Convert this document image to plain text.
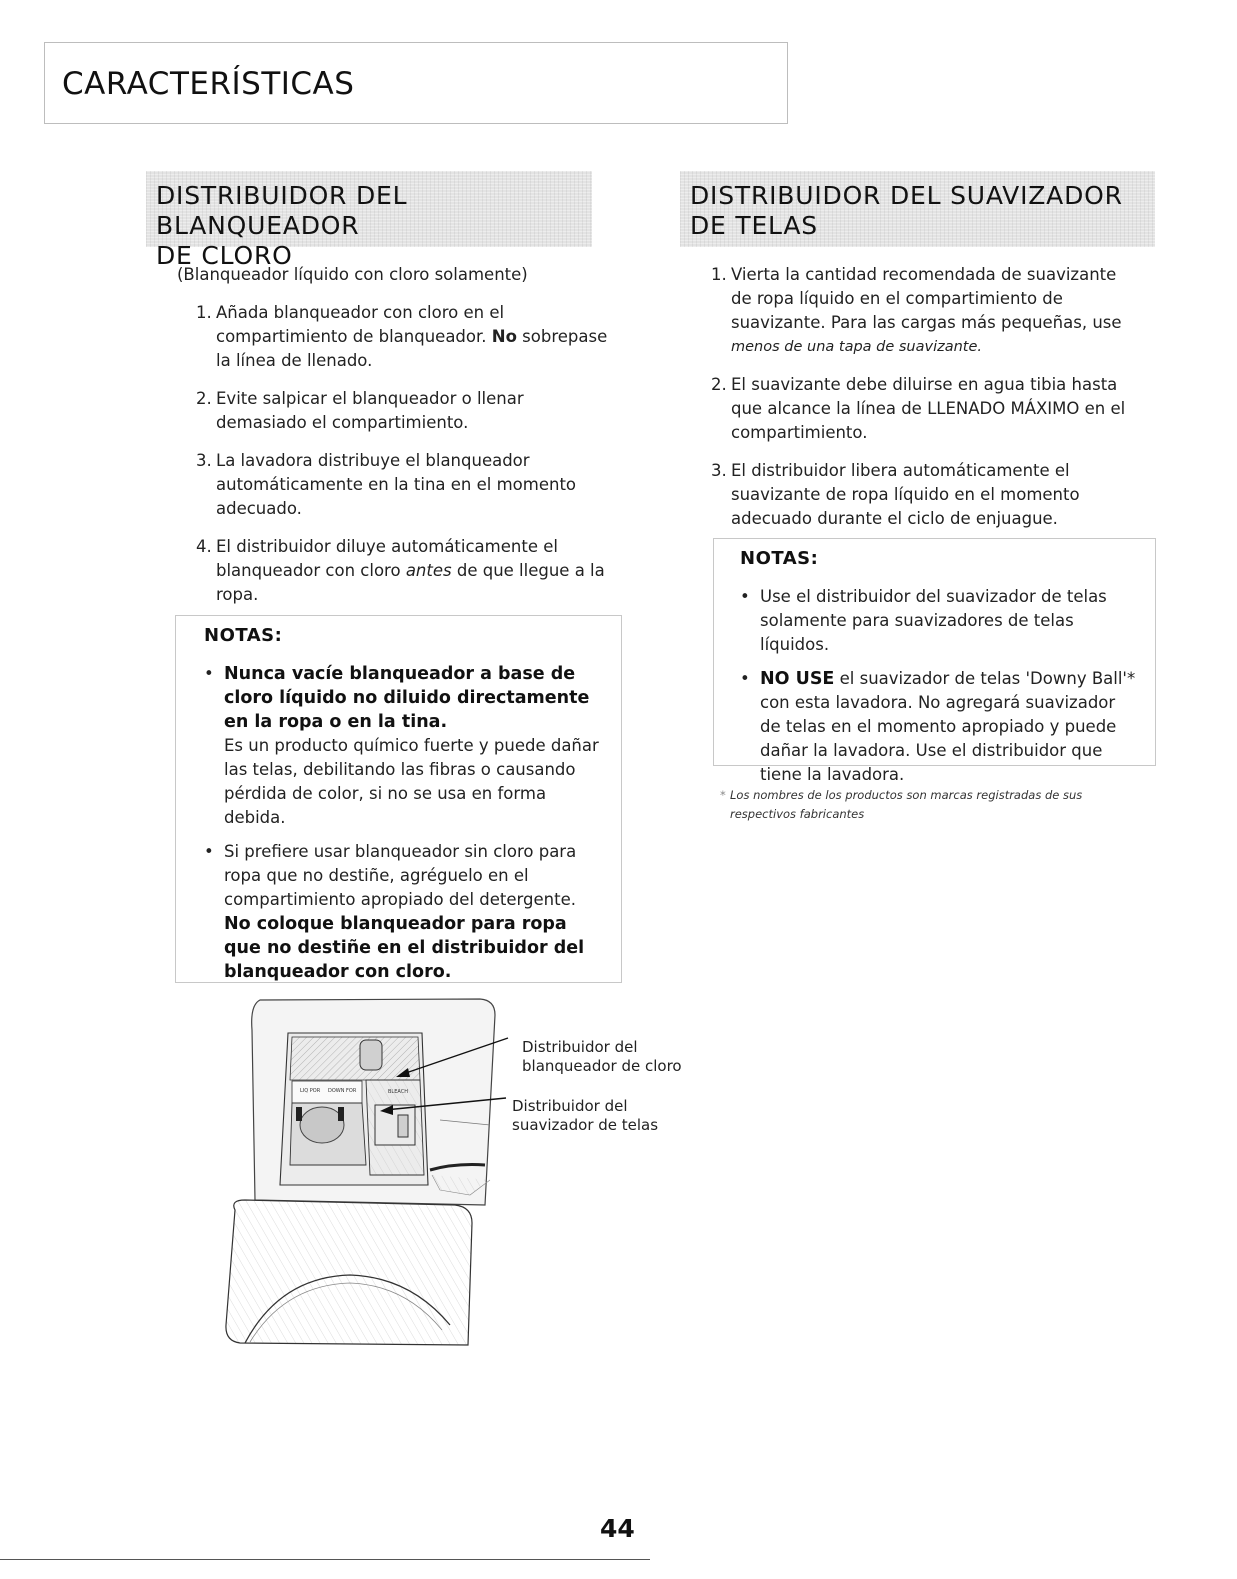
CARACTERÍSTICAS
DISTRIBUIDOR DEL BLANQUEADOR
DE CLORO
DISTRIBUIDOR DEL SUAVIZADOR
DE TELAS

(Blanqueador líquido con cloro solamente)

1. Añada blanqueador con cloro en el compartimiento de blanqueador. No sobrepase la línea de llenado.
2. Evite salpicar el blanqueador o llenar demasiado el compartimiento.
3. La lavadora distribuye el blanqueador automáticamente en la tina en el momento adecuado.
4. El distribuidor diluye automáticamente el blanqueador con cloro antes de que llegue a la ropa.
NOTAS:
• Nunca vacíe blanqueador a base de cloro líquido no diluido directamente en la ropa o en la tina.
Es un producto químico fuerte y puede dañar las telas, debilitando las fibras o causando pérdida de color, si no se usa en forma debida.
• Si prefiere usar blanqueador sin cloro para ropa que no destiñe, agréguelo en el compartimiento apropiado del detergente.
No coloque blanqueador para ropa que no destiñe en el distribuidor del blanqueador con cloro.
1. Vierta la cantidad recomendada de suavizante de ropa líquido en el compartimiento de suavizante. Para las cargas más pequeñas, use
menos de una tapa de suavizante.
2. El suavizante debe diluirse en agua tibia hasta que alcance la línea de LLENADO MÁXIMO en el compartimiento.
3. El distribuidor libera automáticamente el suavizante de ropa líquido en el momento adecuado durante el ciclo de enjuague.
NOTAS:
• Use el distribuidor del suavizador de telas solamente para suavizadores de telas líquidos.
• NO USE el suavizador de telas 'Downy Ball'* con esta lavadora. No agregará suavizador de telas en el momento apropiado y puede dañar la lavadora. Use el distribuidor que tiene la lavadora.
* Los nombres de los productos son marcas registradas de sus respectivos fabricantes
LIQ POR DOWN FOR
Distribuidor del
blanqueador de cloro
Distribuidor del
suavizador de telas
44
